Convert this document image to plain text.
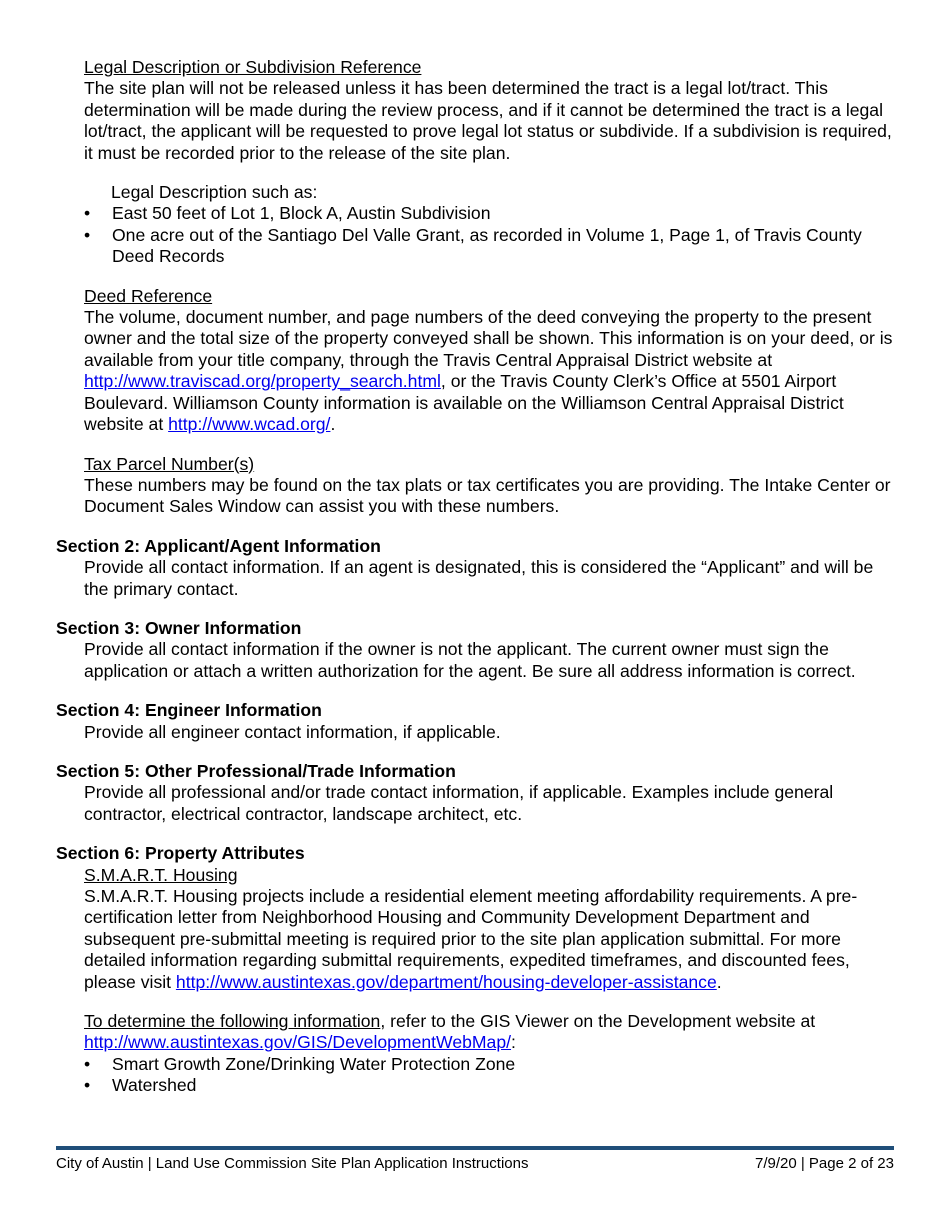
Legal Description or Subdivision Reference

The site plan will not be released unless it has been determined the tract is a legal lot/tract. This determination will be made during the review process, and if it cannot be determined the tract is a legal lot/tract, the applicant will be requested to prove legal lot status or subdivide. If a subdivision is required, it must be recorded prior to the release of the site plan.

Legal Description such as:

• East 50 feet of Lot 1, Block A, Austin Subdivision
• One acre out of the Santiago Del Valle Grant, as recorded in Volume 1, Page 1, of Travis County Deed Records

Deed Reference

The volume, document number, and page numbers of the deed conveying the property to the present owner and the total size of the property conveyed shall be shown. This information is on your deed, or is available from your title company, through the Travis Central Appraisal District website at http://www.traviscad.org/property_search.html, or the Travis County Clerk’s Office at 5501 Airport Boulevard. Williamson County information is available on the Williamson Central Appraisal District website at http://www.wcad.org/.

Tax Parcel Number(s)

These numbers may be found on the tax plats or tax certificates you are providing. The Intake Center or Document Sales Window can assist you with these numbers.

Section 2: Applicant/Agent Information

Provide all contact information. If an agent is designated, this is considered the “Applicant” and will be the primary contact.

Section 3: Owner Information

Provide all contact information if the owner is not the applicant. The current owner must sign the application or attach a written authorization for the agent. Be sure all address information is correct.

Section 4: Engineer Information

Provide all engineer contact information, if applicable.

Section 5: Other Professional/Trade Information

Provide all professional and/or trade contact information, if applicable. Examples include general contractor, electrical contractor, landscape architect, etc.

Section 6: Property Attributes

S.M.A.R.T. Housing

S.M.A.R.T. Housing projects include a residential element meeting affordability requirements. A pre-certification letter from Neighborhood Housing and Community Development Department and subsequent pre-submittal meeting is required prior to the site plan application submittal. For more detailed information regarding submittal requirements, expedited timeframes, and discounted fees, please visit http://www.austintexas.gov/department/housing-developer-assistance.

To determine the following information, refer to the GIS Viewer on the Development website at http://www.austintexas.gov/GIS/DevelopmentWebMap/:

• Smart Growth Zone/Drinking Water Protection Zone
• Watershed
City of Austin | Land Use Commission Site Plan Application Instructions	7/9/20 | Page 2 of 23
